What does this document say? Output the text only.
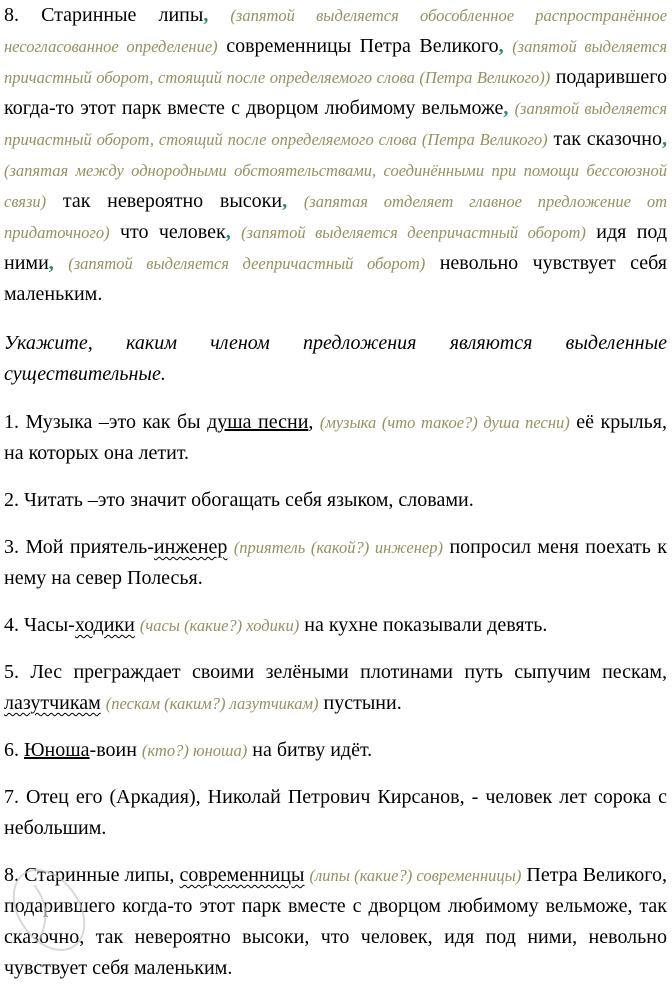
8. Старинные липы, (запятой выделяется обособленное распространённое несогласованное определение) современницы Петра Великого, (запятой выделяется причастный оборот, стоящий после определяемого слова (Петра Великого)) подарившего когда-то этот парк вместе с дворцом любимому вельможе, (запятой выделяется причастный оборот, стоящий после определяемого слова (Петра Великого) так сказочно, (запятая между однородными обстоятельствами, соединёнными при помощи бессоюзной связи) так невероятно высоки, (запятая отделяет главное предложение от придаточного) что человек, (запятой выделяется деепричастный оборот) идя под ними, (запятой выделяется деепричастный оборот) невольно чувствует себя маленьким.

Укажите, каким членом предложения являются выделенные существительные.

1. Музыка –это как бы душа песни, (музыка (что такое?) душа песни) её крылья, на которых она летит.

2. Читать –это значит обогащать себя языком, словами.

3. Мой приятель-инженер (приятель (какой?) инженер) попросил меня поехать к нему на север Полесья.

4. Часы-ходики (часы (какие?) ходики) на кухне показывали девять.

5. Лес преграждает своими зелёными плотинами путь сыпучим пескам, лазутчикам (пескам (каким?) лазутчикам) пустыни.

6. Юноша-воин (кто?) юноша) на битву идёт.

7. Отец его (Аркадия), Николай Петрович Кирсанов, - человек лет сорока с небольшим.

8. Старинные липы, современницы (липы (какие?) современницы) Петра Великого, подарившего когда-то этот парк вместе с дворцом любимому вельможе, так сказочно, так невероятно высоки, что человек, идя под ними, невольно чувствует себя маленьким.
